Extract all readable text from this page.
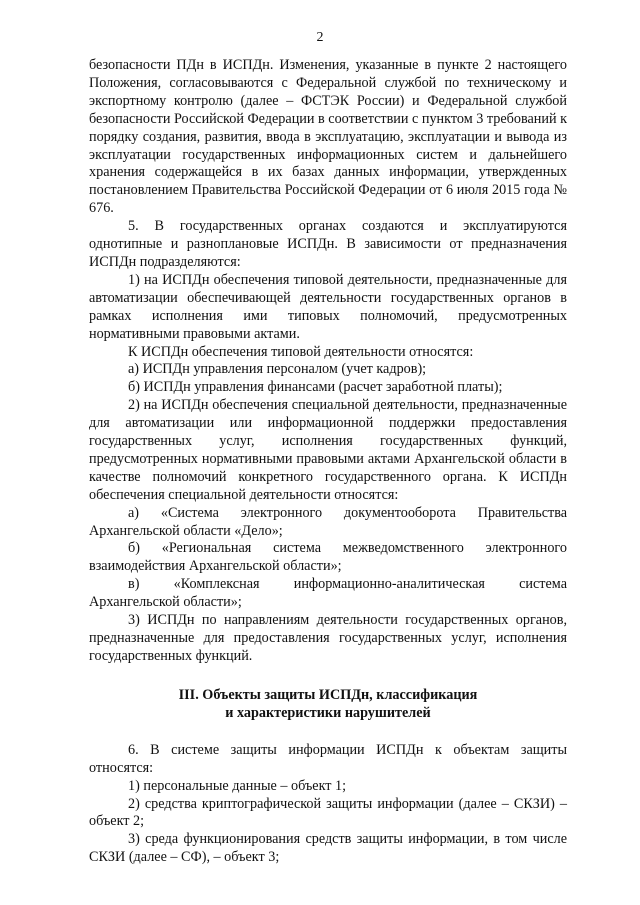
2

безопасности ПДн в ИСПДн. Изменения, указанные в пункте 2 настоящего Положения, согласовываются с Федеральной службой по техническому и экспортному контролю (далее – ФСТЭК России) и Федеральной службой безопасности Российской Федерации в соответствии с пунктом 3 требований к порядку создания, развития, ввода в эксплуатацию, эксплуатации и вывода из эксплуатации государственных информационных систем и дальнейшего хранения содержащейся в их базах данных информации, утвержденных постановлением Правительства Российской Федерации от 6 июля 2015 года № 676.

5. В государственных органах создаются и эксплуатируются однотипные и разноплановые ИСПДн. В зависимости от предназначения ИСПДн подразделяются:

1) на ИСПДн обеспечения типовой деятельности, предназначенные для автоматизации обеспечивающей деятельности государственных органов в рамках исполнения ими типовых полномочий, предусмотренных нормативными правовыми актами.

К ИСПДн обеспечения типовой деятельности относятся:

а) ИСПДн управления персоналом (учет кадров);

б) ИСПДн управления финансами (расчет заработной платы);

2) на ИСПДн обеспечения специальной деятельности, предназначенные для автоматизации или информационной поддержки предоставления государственных услуг, исполнения государственных функций, предусмотренных нормативными правовыми актами Архангельской области в качестве полномочий конкретного государственного органа. К ИСПДн обеспечения специальной деятельности относятся:

а) «Система электронного документооборота Правительства Архангельской области «Дело»;

б) «Региональная система межведомственного электронного взаимодействия Архангельской области»;

в) «Комплексная информационно-аналитическая система Архангельской области»;

3) ИСПДн по направлениям деятельности государственных органов, предназначенные для предоставления государственных услуг, исполнения государственных функций.

III. Объекты защиты ИСПДн, классификация
и характеристики нарушителей

6. В системе защиты информации ИСПДн к объектам защиты относятся:

1) персональные данные – объект 1;

2) средства криптографической защиты информации (далее – СКЗИ) – объект 2;

3) среда функционирования средств защиты информации, в том числе СКЗИ (далее – СФ), – объект 3;
